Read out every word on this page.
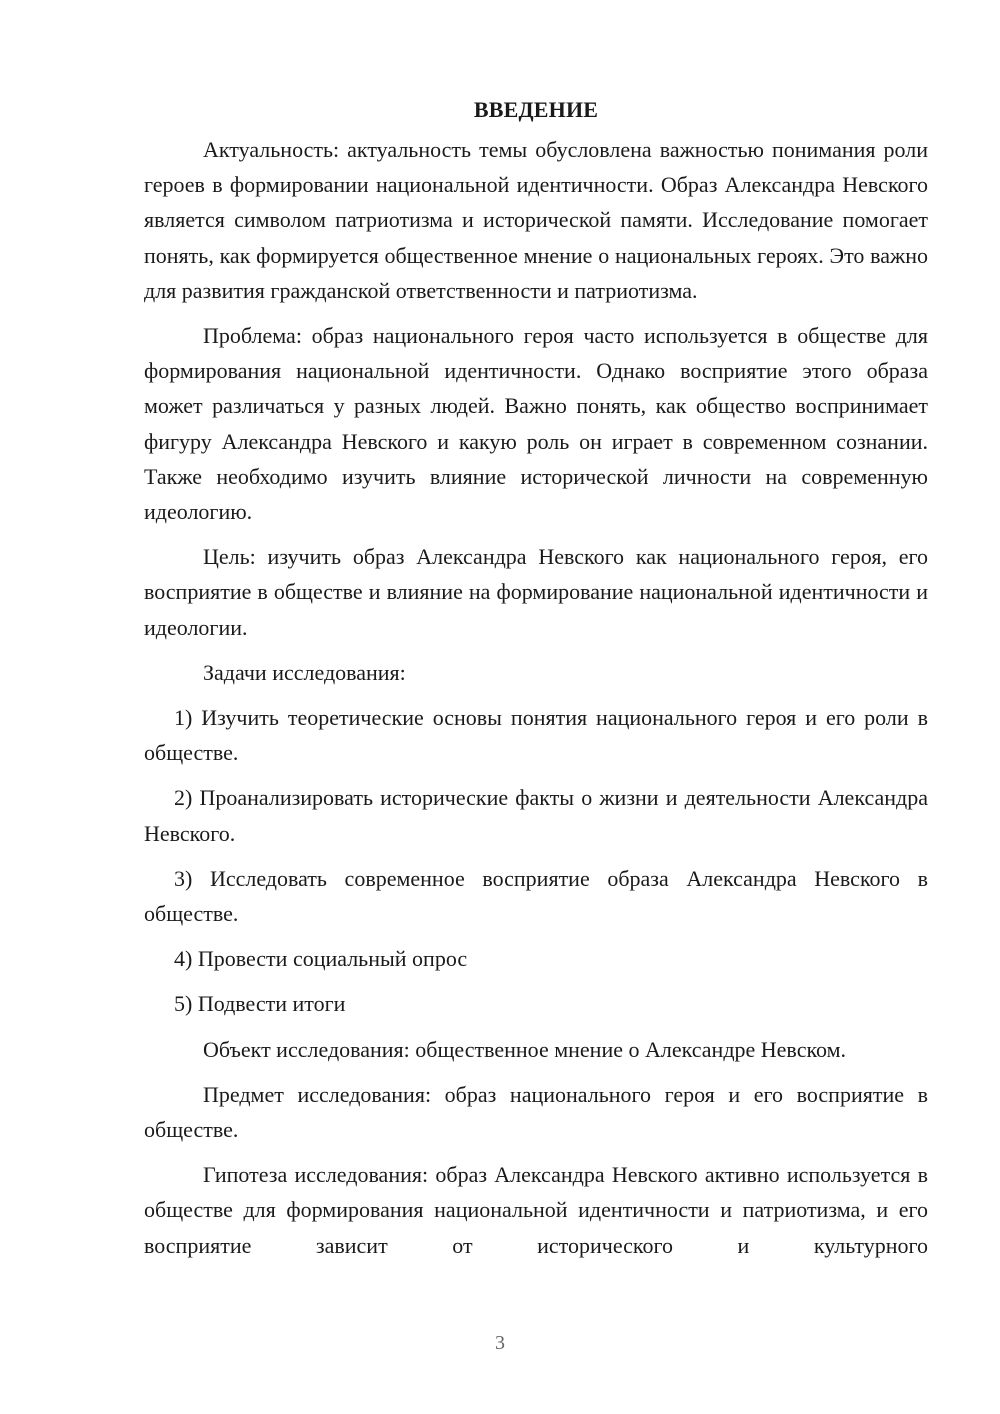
ВВЕДЕНИЕ

Актуальность: актуальность темы обусловлена важностью понимания роли героев в формировании национальной идентичности. Образ Александра Невского является символом патриотизма и исторической памяти. Исследование помогает понять, как формируется общественное мнение о национальных героях. Это важно для развития гражданской ответственности и патриотизма.

Проблема: образ национального героя часто используется в обществе для формирования национальной идентичности. Однако восприятие этого образа может различаться у разных людей. Важно понять, как общество воспринимает фигуру Александра Невского и какую роль он играет в современном сознании. Также необходимо изучить влияние исторической личности на современную идеологию.

Цель: изучить образ Александра Невского как национального героя, его восприятие в обществе и влияние на формирование национальной идентичности и идеологии.

Задачи исследования:

1) Изучить теоретические основы понятия национального героя и его роли в обществе.

2) Проанализировать исторические факты о жизни и деятельности Александра Невского.

3) Исследовать современное восприятие образа Александра Невского в обществе.

4) Провести социальный опрос

5) Подвести итоги

Объект исследования: общественное мнение о Александре Невском.

Предмет исследования: образ национального героя и его восприятие в обществе.

Гипотеза исследования: образ Александра Невского активно используется в обществе для формирования национальной идентичности и патриотизма, и его восприятие зависит от исторического и культурного

3
